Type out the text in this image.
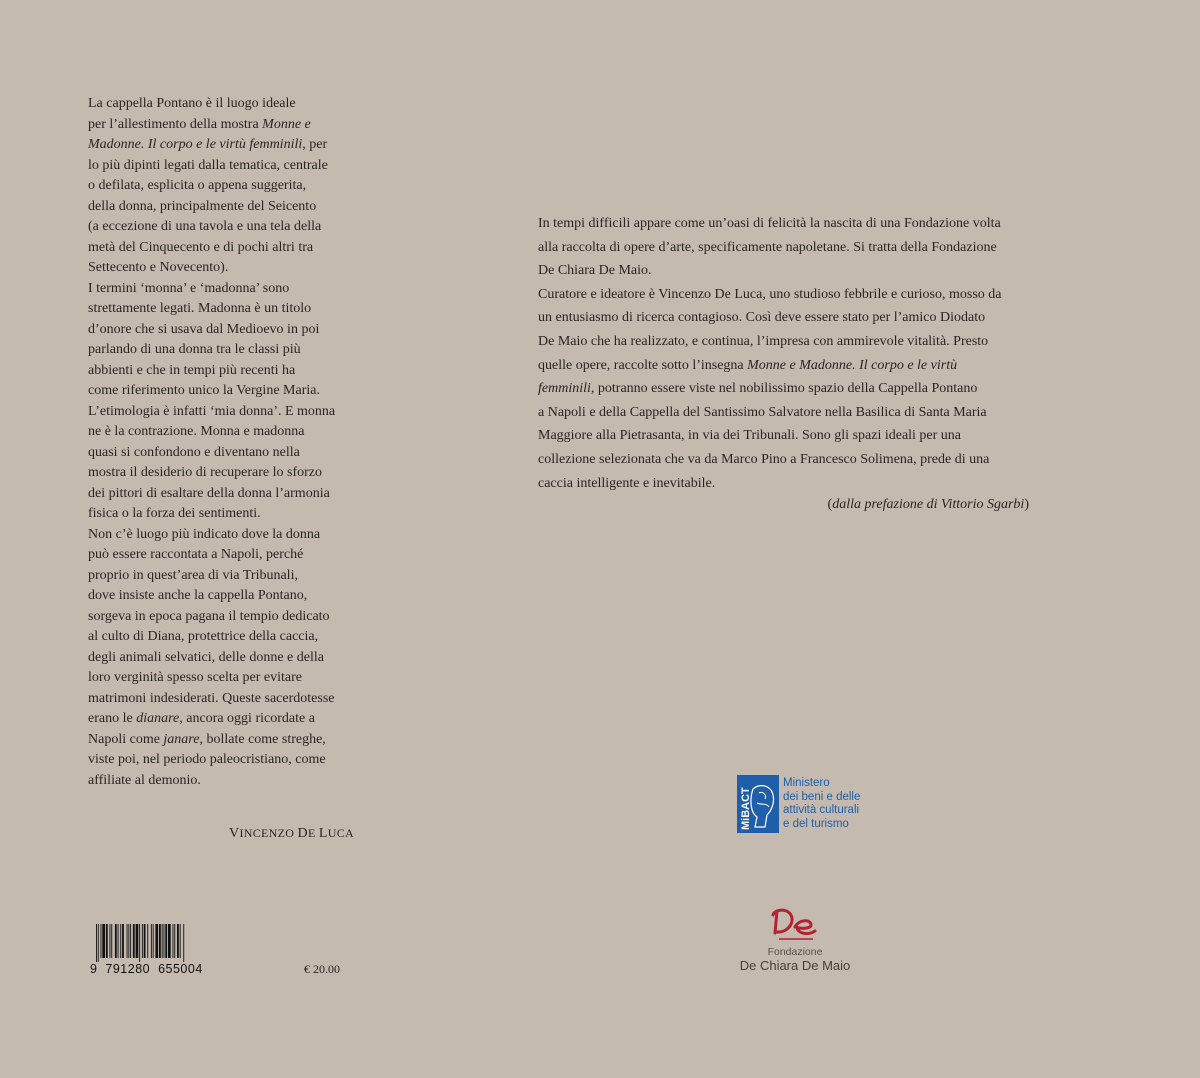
La cappella Pontano è il luogo ideale

per l’allestimento della mostra Monne e

Madonne. Il corpo e le virtù femminili, per

lo più dipinti legati dalla tematica, centrale

o defilata, esplicita o appena suggerita,

della donna, principalmente del Seicento

(a eccezione di una tavola e una tela della

metà del Cinquecento e di pochi altri tra

Settecento e Novecento).

I termini ‘monna’ e ‘madonna’ sono

strettamente legati. Madonna è un titolo

d’onore che si usava dal Medioevo in poi

parlando di una donna tra le classi più

abbienti e che in tempi più recenti ha

come riferimento unico la Vergine Maria.

L’etimologia è infatti ‘mia donna’. E monna

ne è la contrazione. Monna e madonna

quasi si confondono e diventano nella

mostra il desiderio di recuperare lo sforzo

dei pittori di esaltare della donna l’armonia

fisica o la forza dei sentimenti.

Non c’è luogo più indicato dove la donna

può essere raccontata a Napoli, perché

proprio in quest’area di via Tribunali,

dove insiste anche la cappella Pontano,

sorgeva in epoca pagana il tempio dedicato

al culto di Diana, protettrice della caccia,

degli animali selvatici, delle donne e della

loro verginità spesso scelta per evitare

matrimoni indesiderati. Queste sacerdotesse

erano le dianare, ancora oggi ricordate a

Napoli come janare, bollate come streghe,

viste poi, nel periodo paleocristiano, come

affiliate al demonio.

VINCENZO DE LUCA

In tempi difficili appare come un’oasi di felicità la nascita di una Fondazione volta

alla raccolta di opere d’arte, specificamente napoletane. Si tratta della Fondazione

De Chiara De Maio.

Curatore e ideatore è Vincenzo De Luca, uno studioso febbrile e curioso, mosso da

un entusiasmo di ricerca contagioso. Così deve essere stato per l’amico Diodato

De Maio che ha realizzato, e continua, l’impresa con ammirevole vitalità. Presto

quelle opere, raccolte sotto l’insegna Monne e Madonne. Il corpo e le virtù

femminili, potranno essere viste nel nobilissimo spazio della Cappella Pontano

a Napoli e della Cappella del Santissimo Salvatore nella Basilica di Santa Maria

Maggiore alla Pietrasanta, in via dei Tribunali. Sono gli spazi ideali per una

collezione selezionata che va da Marco Pino a Francesco Solimena, prede di una

caccia intelligente e inevitabile.

(dalla prefazione di Vittorio Sgarbi)
9 791280 655004	€ 20.00
MiBACT
Ministero
dei beni e delle
attività culturali
e del turismo
Fondazione
De Chiara De Maio
